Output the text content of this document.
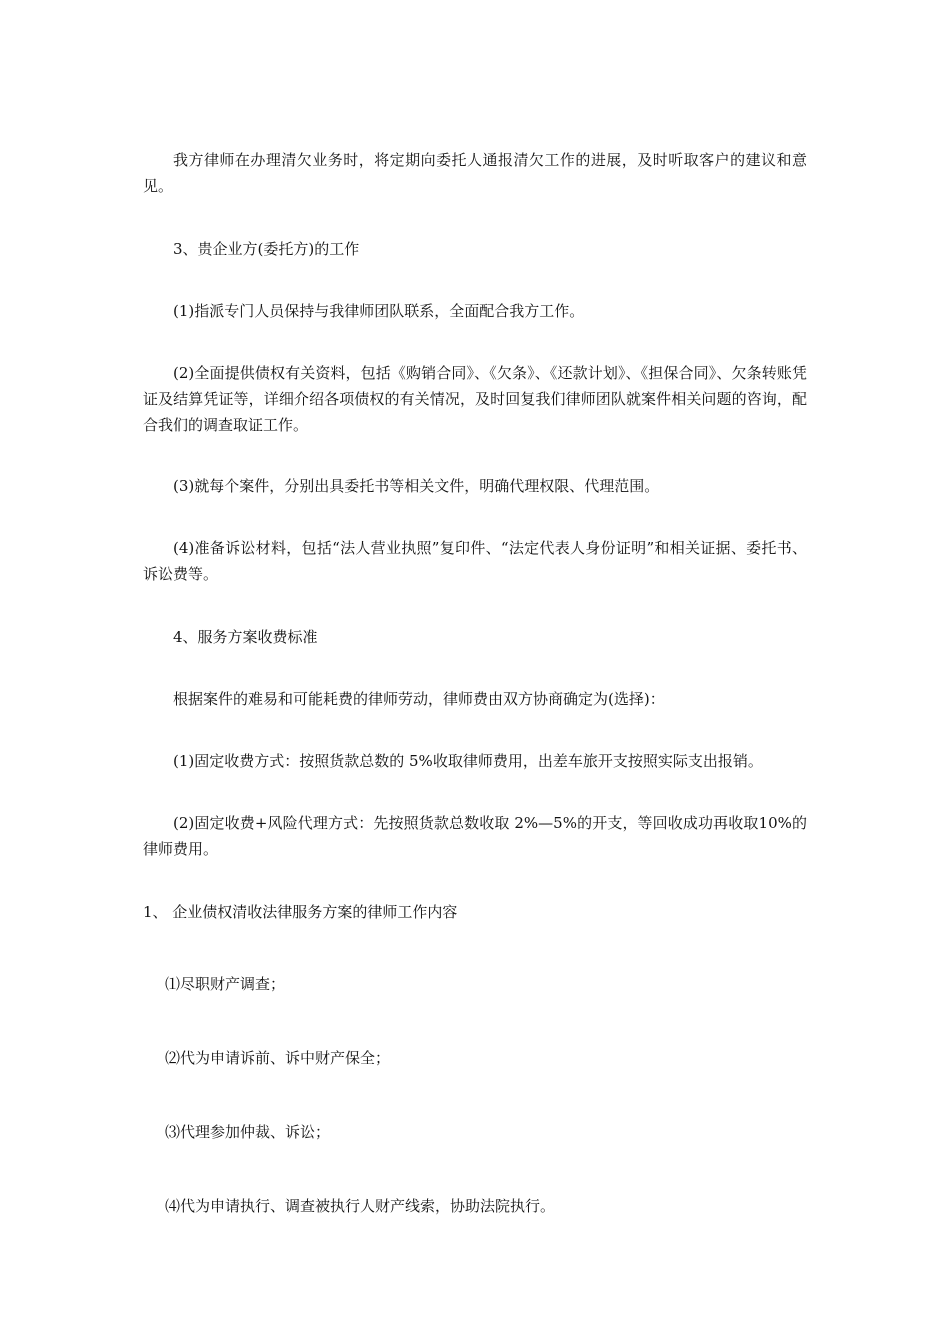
我方律师在办理清欠业务时，将定期向委托人通报清欠工作的进展，及时听取客户的建议和意见。

3、贵企业方(委托方)的工作

(1)指派专门人员保持与我律师团队联系，全面配合我方工作。

(2)全面提供债权有关资料，包括《购销合同》、《欠条》、《还款计划》、《担保合同》、欠条转账凭证及结算凭证等，详细介绍各项债权的有关情况，及时回复我们律师团队就案件相关问题的咨询，配合我们的调查取证工作。

(3)就每个案件，分别出具委托书等相关文件，明确代理权限、代理范围。

(4)准备诉讼材料，包括“法人营业执照”复印件、“法定代表人身份证明”和相关证据、委托书、诉讼费等。

4、服务方案收费标准

根据案件的难易和可能耗费的律师劳动，律师费由双方协商确定为(选择)：

(1)固定收费方式：按照货款总数的 5%收取律师费用，出差车旅开支按照实际支出报销。

(2)固定收费+风险代理方式：先按照货款总数收取 2%—5%的开支，等回收成功再收取10%的律师费用。

1、 企业债权清收法律服务方案的律师工作内容

⑴尽职财产调查；

⑵代为申请诉前、诉中财产保全；

⑶代理参加仲裁、诉讼；

⑷代为申请执行、调查被执行人财产线索，协助法院执行。
